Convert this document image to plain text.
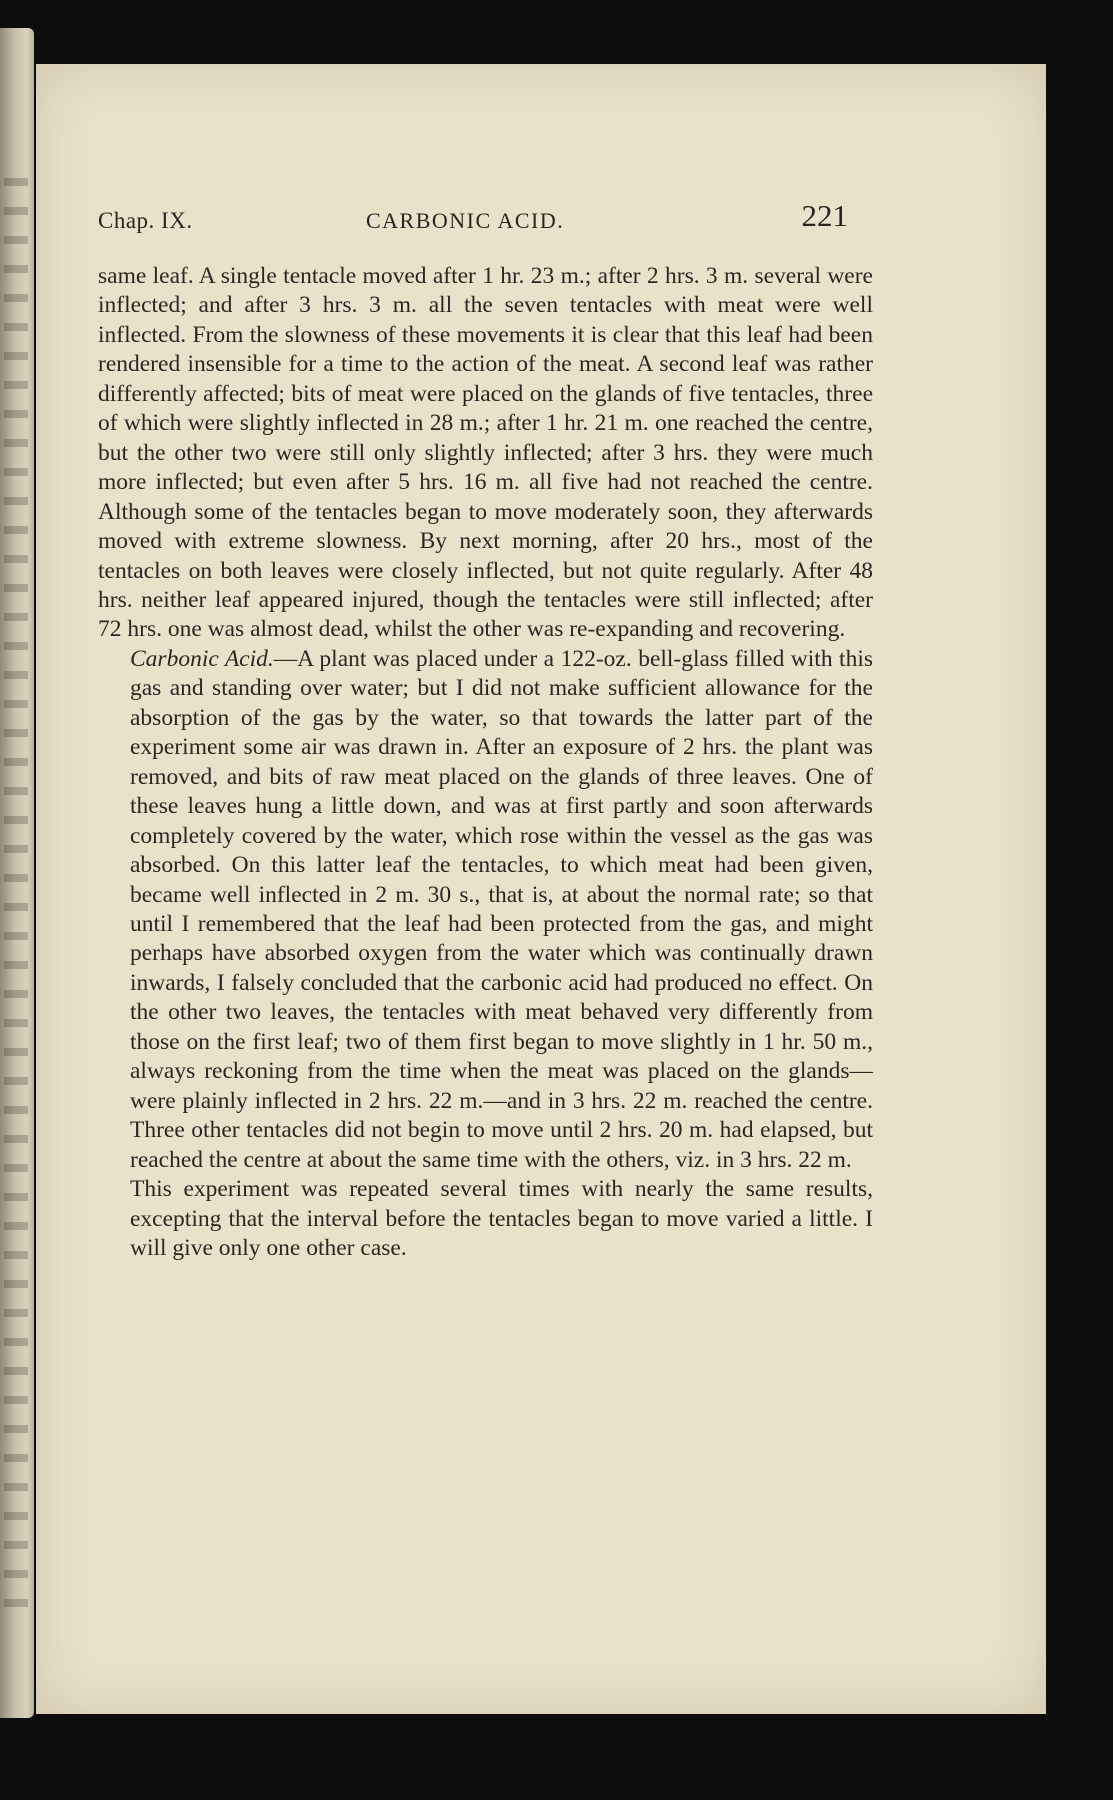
Chap. IX.	CARBONIC ACID.	221

same leaf. A single tentacle moved after 1 hr. 23 m.; after 2 hrs. 3 m. several were inflected; and after 3 hrs. 3 m. all the seven tentacles with meat were well inflected. From the slowness of these movements it is clear that this leaf had been rendered insensible for a time to the action of the meat. A second leaf was rather differently affected; bits of meat were placed on the glands of five tentacles, three of which were slightly inflected in 28 m.; after 1 hr. 21 m. one reached the centre, but the other two were still only slightly inflected; after 3 hrs. they were much more inflected; but even after 5 hrs. 16 m. all five had not reached the centre. Although some of the tentacles began to move moderately soon, they afterwards moved with extreme slowness. By next morning, after 20 hrs., most of the tentacles on both leaves were closely inflected, but not quite regularly. After 48 hrs. neither leaf appeared injured, though the tentacles were still inflected; after 72 hrs. one was almost dead, whilst the other was re-expanding and recovering.

Carbonic Acid.—A plant was placed under a 122-oz. bell-glass filled with this gas and standing over water; but I did not make sufficient allowance for the absorption of the gas by the water, so that towards the latter part of the experiment some air was drawn in. After an exposure of 2 hrs. the plant was removed, and bits of raw meat placed on the glands of three leaves. One of these leaves hung a little down, and was at first partly and soon afterwards completely covered by the water, which rose within the vessel as the gas was absorbed. On this latter leaf the tentacles, to which meat had been given, became well inflected in 2 m. 30 s., that is, at about the normal rate; so that until I remembered that the leaf had been protected from the gas, and might perhaps have absorbed oxygen from the water which was continually drawn inwards, I falsely concluded that the carbonic acid had produced no effect. On the other two leaves, the tentacles with meat behaved very differently from those on the first leaf; two of them first began to move slightly in 1 hr. 50 m., always reckoning from the time when the meat was placed on the glands—were plainly inflected in 2 hrs. 22 m.—and in 3 hrs. 22 m. reached the centre. Three other tentacles did not begin to move until 2 hrs. 20 m. had elapsed, but reached the centre at about the same time with the others, viz. in 3 hrs. 22 m.

This experiment was repeated several times with nearly the same results, excepting that the interval before the tentacles began to move varied a little. I will give only one other case.
